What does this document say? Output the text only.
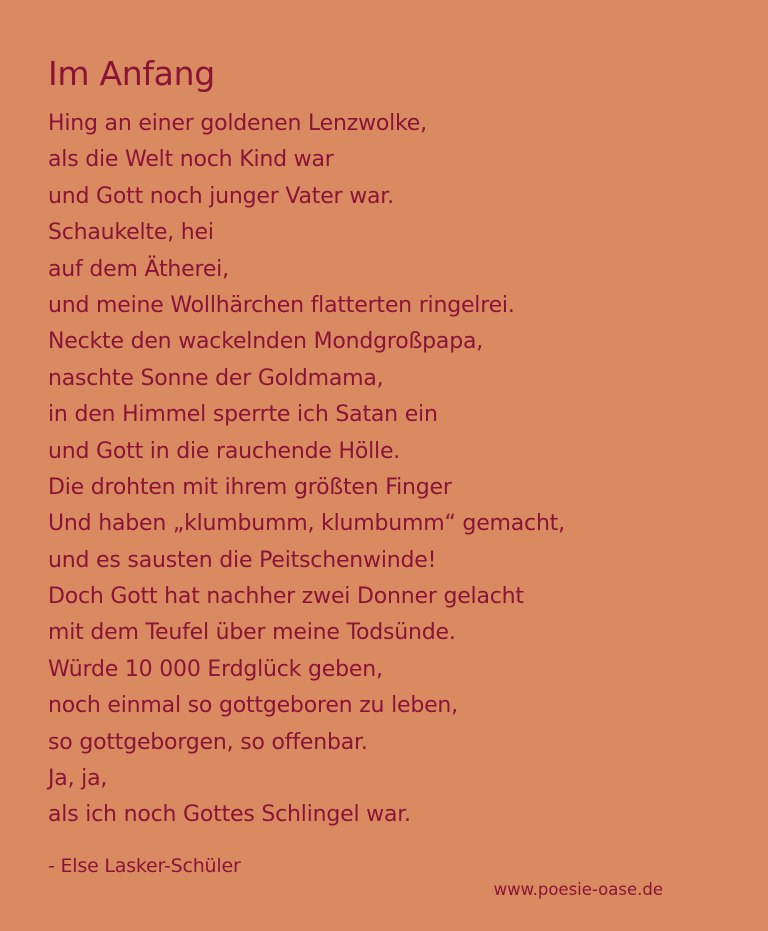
Im Anfang
Hing an einer goldenen Lenzwolke,
als die Welt noch Kind war
und Gott noch junger Vater war.
Schaukelte, hei
auf dem Ätherei,
und meine Wollhärchen flatterten ringelrei.
Neckte den wackelnden Mondgroßpapa,
naschte Sonne der Goldmama,
in den Himmel sperrte ich Satan ein
und Gott in die rauchende Hölle.
Die drohten mit ihrem größten Finger
Und haben „klumbumm, klumbumm“ gemacht,
und es sausten die Peitschenwinde!
Doch Gott hat nachher zwei Donner gelacht
mit dem Teufel über meine Todsünde.
Würde 10 000 Erdglück geben,
noch einmal so gottgeboren zu leben,
so gottgeborgen, so offenbar.
Ja, ja,
als ich noch Gottes Schlingel war.
- Else Lasker-Schüler
www.poesie-oase.de
